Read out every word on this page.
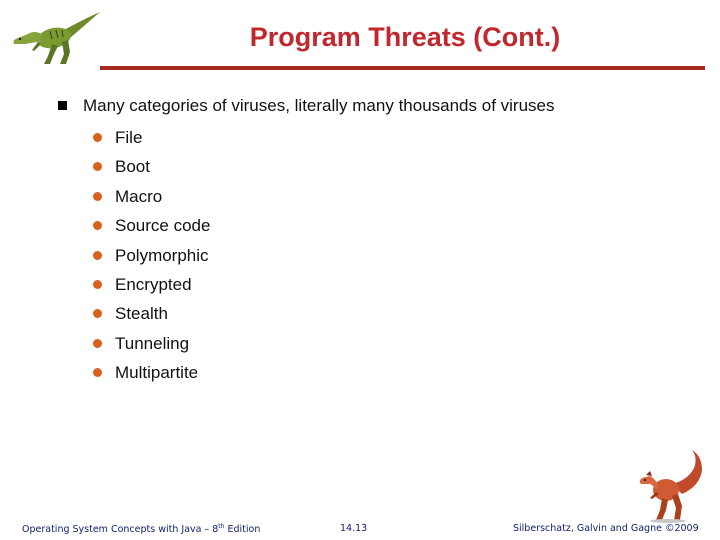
Program Threats (Cont.)
Many categories of viruses, literally many thousands of viruses
File
Boot
Macro
Source code
Polymorphic
Encrypted
Stealth
Tunneling
Multipartite
Operating System Concepts with Java – 8th Edition	14.13	Silberschatz, Galvin and Gagne ©2009
